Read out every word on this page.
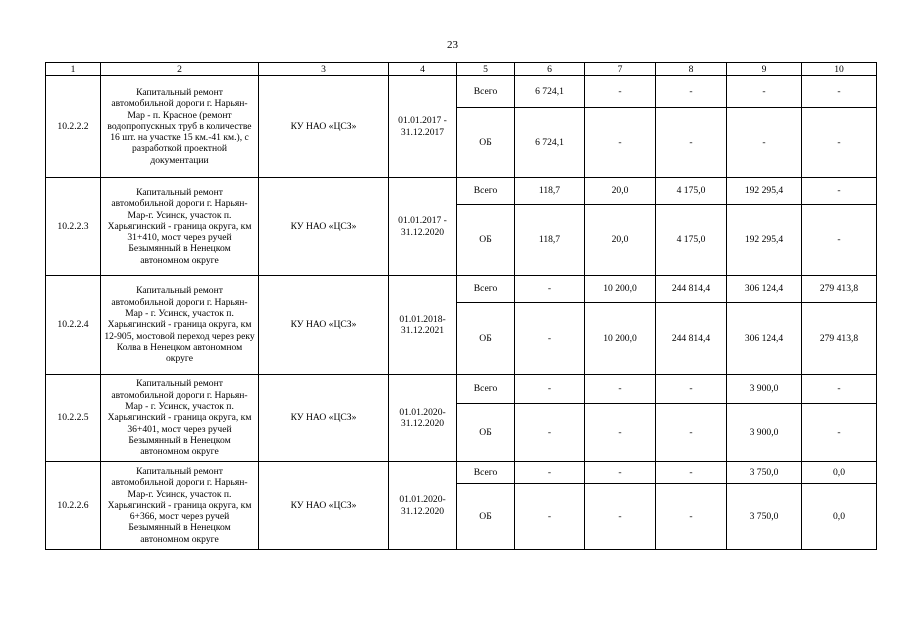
23
1	2	3	4	5	6	7	8	9	10
10.2.2.2	Капитальный ремонт автомобильной дороги г. Нарьян-Мар - п. Красное (ремонт водопропускных труб в количестве 16 шт. на участке 15 км.-41 км.), с разработкой проектной документации	КУ НАО «ЦСЗ»	01.01.2017 - 31.12.2017	Всего	6 724,1	-	-	-	-
				ОБ	6 724,1	-	-	-	-
10.2.2.3	Капитальный ремонт автомобильной дороги г. Нарьян-Мар-г. Усинск, участок п. Харьягинский - граница округа, км 31+410, мост через ручей Безымянный в Ненецком автономном округе	КУ НАО «ЦСЗ»	01.01.2017 - 31.12.2020	Всего	118,7	20,0	4 175,0	192 295,4	-
				ОБ	118,7	20,0	4 175,0	192 295,4	-
10.2.2.4	Капитальный ремонт автомобильной дороги г. Нарьян-Мар - г. Усинск, участок п. Харьягинский - граница округа, км 12-905, мостовой переход через реку Колва в Ненецком автономном округе	КУ НАО «ЦСЗ»	01.01.2018- 31.12.2021	Всего	-	10 200,0	244 814,4	306 124,4	279 413,8
				ОБ	-	10 200,0	244 814,4	306 124,4	279 413,8
10.2.2.5	Капитальный ремонт автомобильной дороги г. Нарьян-Мар - г. Усинск, участок п. Харьягинский - граница округа, км 36+401, мост через ручей Безымянный в Ненецком автономном округе	КУ НАО «ЦСЗ»	01.01.2020- 31.12.2020	Всего	-	-	-	3 900,0	-
				ОБ	-	-	-	3 900,0	-
10.2.2.6	Капитальный ремонт автомобильной дороги г. Нарьян-Мар-г. Усинск, участок п. Харьягинский - граница округа, км 6+366, мост через ручей Безымянный в Ненецком автономном округе	КУ НАО «ЦСЗ»	01.01.2020- 31.12.2020	Всего	-	-	-	3 750,0	0,0
				ОБ	-	-	-	3 750,0	0,0
